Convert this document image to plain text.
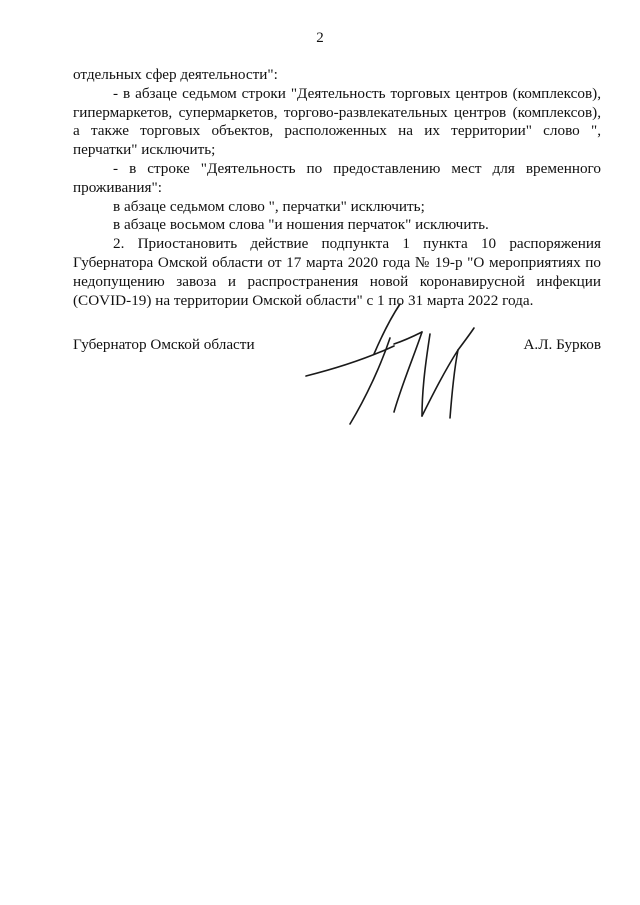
2

отдельных сфер деятельности":

- в абзаце седьмом строки "Деятельность торговых центров (комплексов), гипермаркетов, супермаркетов, торгово-развлекательных центров (комплексов), а также торговых объектов, расположенных на их территории" слово ", перчатки" исключить;

- в строке "Деятельность по предоставлению мест для временного проживания":

в абзаце седьмом слово ", перчатки" исключить;

в абзаце восьмом слова "и ношения перчаток" исключить.

2. Приостановить действие подпункта 1 пункта 10 распоряжения Губернатора Омской области от 17 марта 2020 года № 19-р "О мероприятиях по недопущению завоза и распространения новой коронавирусной инфекции (COVID-19) на территории Омской области" с 1 по 31 марта 2022 года.

Губернатор Омской области	А.Л. Бурков
